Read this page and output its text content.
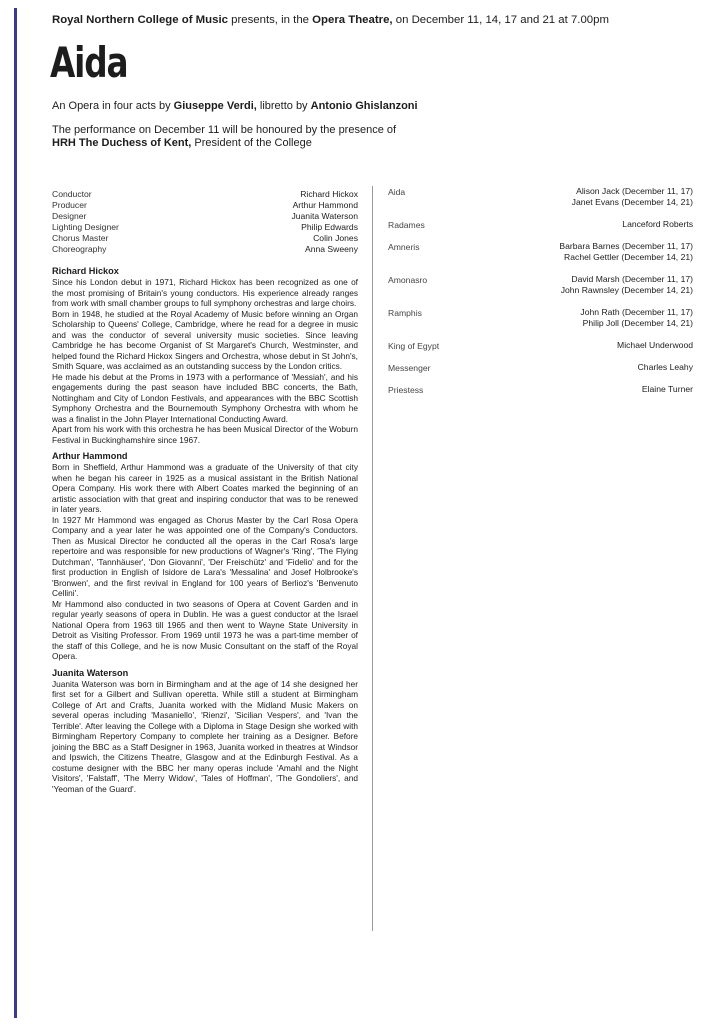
Royal Northern College of Music presents, in the Opera Theatre, on December 11, 14, 17 and 21 at 7.00pm
Aida
An Opera in four acts by Giuseppe Verdi, libretto by Antonio Ghislanzoni
The performance on December 11 will be honoured by the presence of
HRH The Duchess of Kent, President of the College
Conductor	Richard Hickox
Producer	Arthur Hammond
Designer	Juanita Waterson
Lighting Designer	Philip Edwards
Chorus Master	Colin Jones
Choreography	Anna Sweeny
Richard Hickox

Since his London debut in 1971, Richard Hickox has been recognized as one of the most promising of Britain's young conductors. His experience already ranges from work with small chamber groups to full symphony orchestras and large choirs.

Born in 1948, he studied at the Royal Academy of Music before winning an Organ Scholarship to Queens' College, Cambridge, where he read for a degree in music and was the conductor of several university music societies. Since leaving Cambridge he has become Organist of St Margaret's Church, Westminster, and helped found the Richard Hickox Singers and Orchestra, whose debut in St John's, Smith Square, was acclaimed as an outstanding success by the London critics.

He made his debut at the Proms in 1973 with a performance of 'Messiah', and his engagements during the past season have included BBC concerts, the Bath, Nottingham and City of London Festivals, and appearances with the BBC Scottish Symphony Orchestra and the Bournemouth Symphony Orchestra with whom he was a finalist in the John Player International Conducting Award.

Apart from his work with this orchestra he has been Musical Director of the Woburn Festival in Buckinghamshire since 1967.

Arthur Hammond

Born in Sheffield, Arthur Hammond was a graduate of the University of that city when he began his career in 1925 as a musical assistant in the British National Opera Company. His work there with Albert Coates marked the beginning of an artistic association with that great and inspiring conductor that was to be renewed in later years.

In 1927 Mr Hammond was engaged as Chorus Master by the Carl Rosa Opera Company and a year later he was appointed one of the Company's Conductors. Then as Musical Director he conducted all the operas in the Carl Rosa's large repertoire and was responsible for new productions of Wagner's 'Ring', 'The Flying Dutchman', 'Tannhäuser', 'Don Giovanni', 'Der Freischütz' and 'Fidelio' and for the first production in English of Isidore de Lara's 'Messalina' and Josef Holbrooke's 'Bronwen', and the first revival in England for 100 years of Berlioz's 'Benvenuto Cellini'.

Mr Hammond also conducted in two seasons of Opera at Covent Garden and in regular yearly seasons of opera in Dublin. He was a guest conductor at the Israel National Opera from 1963 till 1965 and then went to Wayne State University in Detroit as Visiting Professor. From 1969 until 1973 he was a part-time member of the staff of this College, and he is now Music Consultant on the staff of the Royal Opera.

Juanita Waterson

Juanita Waterson was born in Birmingham and at the age of 14 she designed her first set for a Gilbert and Sullivan operetta. While still a student at Birmingham College of Art and Crafts, Juanita worked with the Midland Music Makers on several operas including 'Masaniello', 'Rienzi', 'Sicilian Vespers', and 'Ivan the Terrible'. After leaving the College with a Diploma in Stage Design she worked with Birmingham Repertory Company to complete her training as a Designer. Before joining the BBC as a Staff Designer in 1963, Juanita worked in theatres at Windsor and Ipswich, the Citizens Theatre, Glasgow and at the Edinburgh Festival. As a costume designer with the BBC her many operas include 'Amahl and the Night Visitors', 'Falstaff', 'The Merry Widow', 'Tales of Hoffman', 'The Gondoliers', and 'Yeoman of the Guard'.

Aida	Alison Jack (December 11, 17)
Janet Evans (December 14, 21)
Radames	Lanceford Roberts
Amneris	Barbara Barnes (December 11, 17)
Rachel Gettler (December 14, 21)
Amonasro	David Marsh (December 11, 17)
John Rawnsley (December 14, 21)
Ramphis	John Rath (December 11, 17)
Philip Joll (December 14, 21)
King of Egypt	Michael Underwood
Messenger	Charles Leahy
Priestess	Elaine Turner
